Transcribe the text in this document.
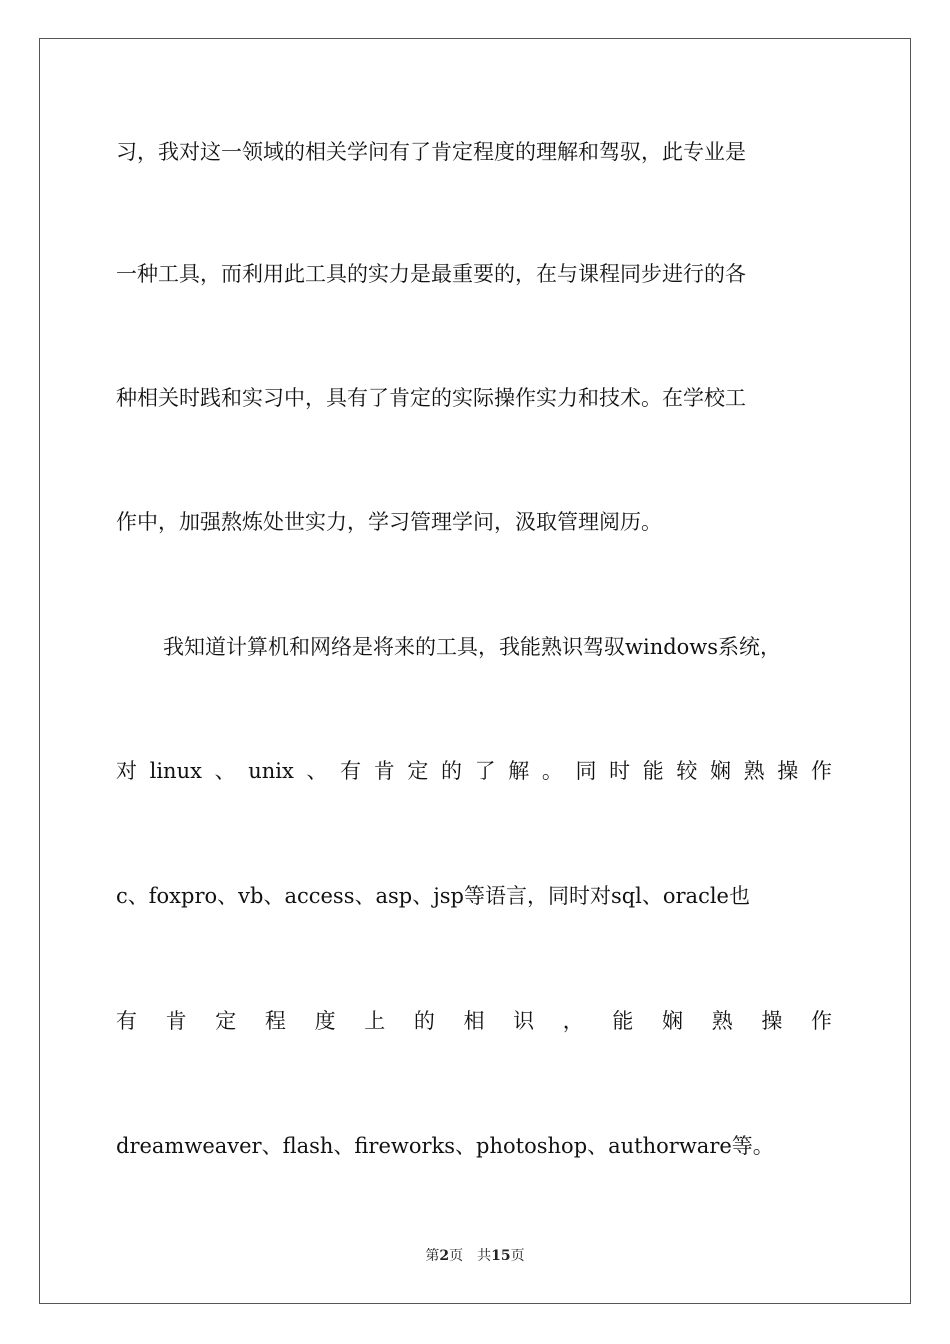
习，我对这一领域的相关学问有了肯定程度的理解和驾驭，此专业是
一种工具，而利用此工具的实力是最重要的，在与课程同步进行的各
种相关时践和实习中，具有了肯定的实际操作实力和技术。在学校工
作中，加强熬炼处世实力，学习管理学问，汲取管理阅历。
我知道计算机和网络是将来的工具，我能熟识驾驭windows系统，
对 linux 、 unix 、 有 肯 定 的 了 解 。 同 时 能 较 娴 熟 操 作
c、foxpro、vb、access、asp、jsp等语言，同时对sql、oracle也
有 肯 定 程 度 上 的 相 识 ， 能 娴 熟 操 作
dreamweaver、flash、fireworks、photoshop、authorware等。
第2页 共15页
